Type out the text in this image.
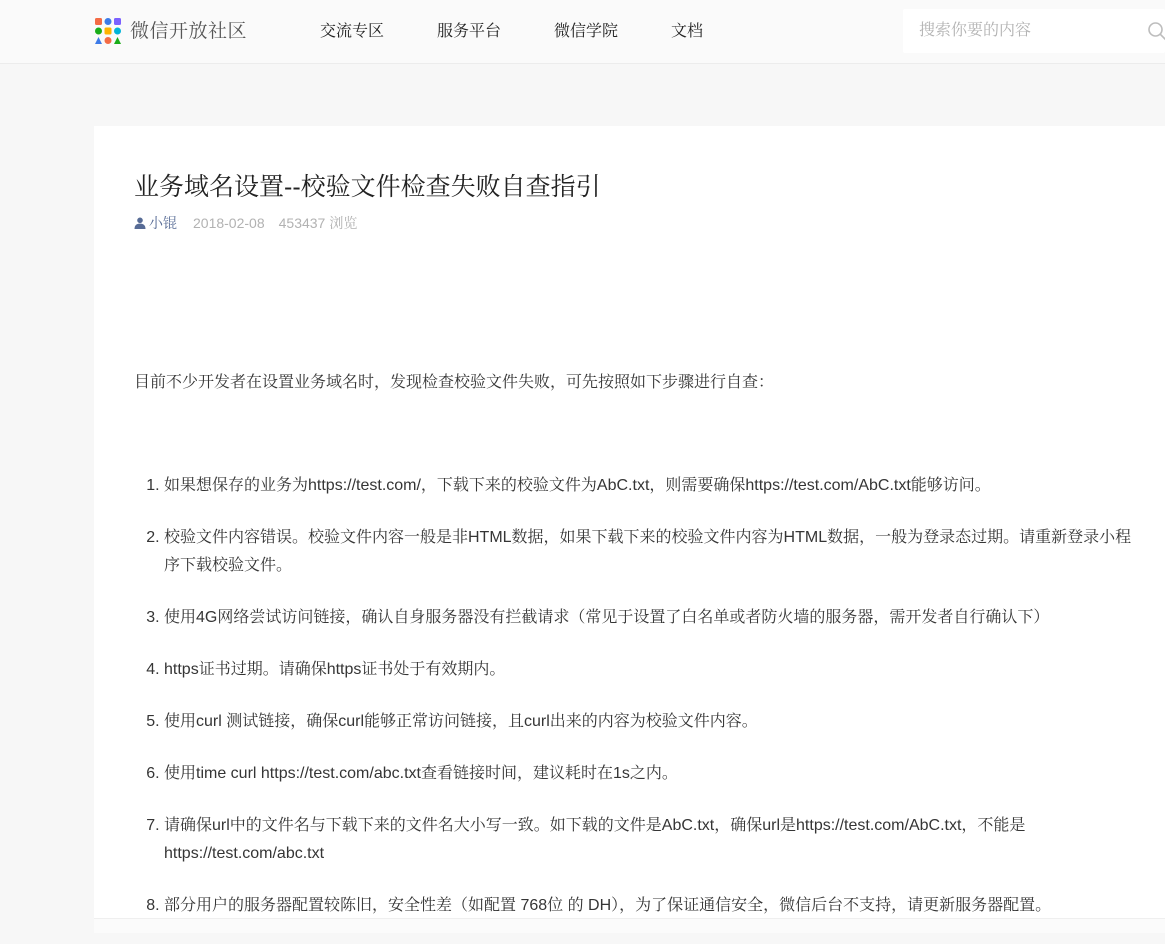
微信开放社区	交流专区	服务平台	微信学院	文档
搜索你要的内容
业务域名设置--校验文件检查失败自查指引
小锟 2018-02-08 453437 浏览

目前不少开发者在设置业务域名时，发现检查校验文件失败，可先按照如下步骤进行自查：

1. 如果想保存的业务为https://test.com/，下载下来的校验文件为AbC.txt，则需要确保https://test.com/AbC.txt能够访问。
2. 校验文件内容错误。校验文件内容一般是非HTML数据，如果下载下来的校验文件内容为HTML数据，一般为登录态过期。请重新登录小程序下载校验文件。
3. 使用4G网络尝试访问链接，确认自身服务器没有拦截请求（常见于设置了白名单或者防火墙的服务器，需开发者自行确认下）
4. https证书过期。请确保https证书处于有效期内。
5. 使用curl 测试链接，确保curl能够正常访问链接，且curl出来的内容为校验文件内容。
6. 使用time curl https://test.com/abc.txt查看链接时间，建议耗时在1s之内。
7. 请确保url中的文件名与下载下来的文件名大小写一致。如下载的文件是AbC.txt，确保url是https://test.com/AbC.txt，不能是https://test.com/abc.txt
8. 部分用户的服务器配置较陈旧，安全性差（如配置 768位 的 DH），为了保证通信安全，微信后台不支持，请更新服务器配置。
